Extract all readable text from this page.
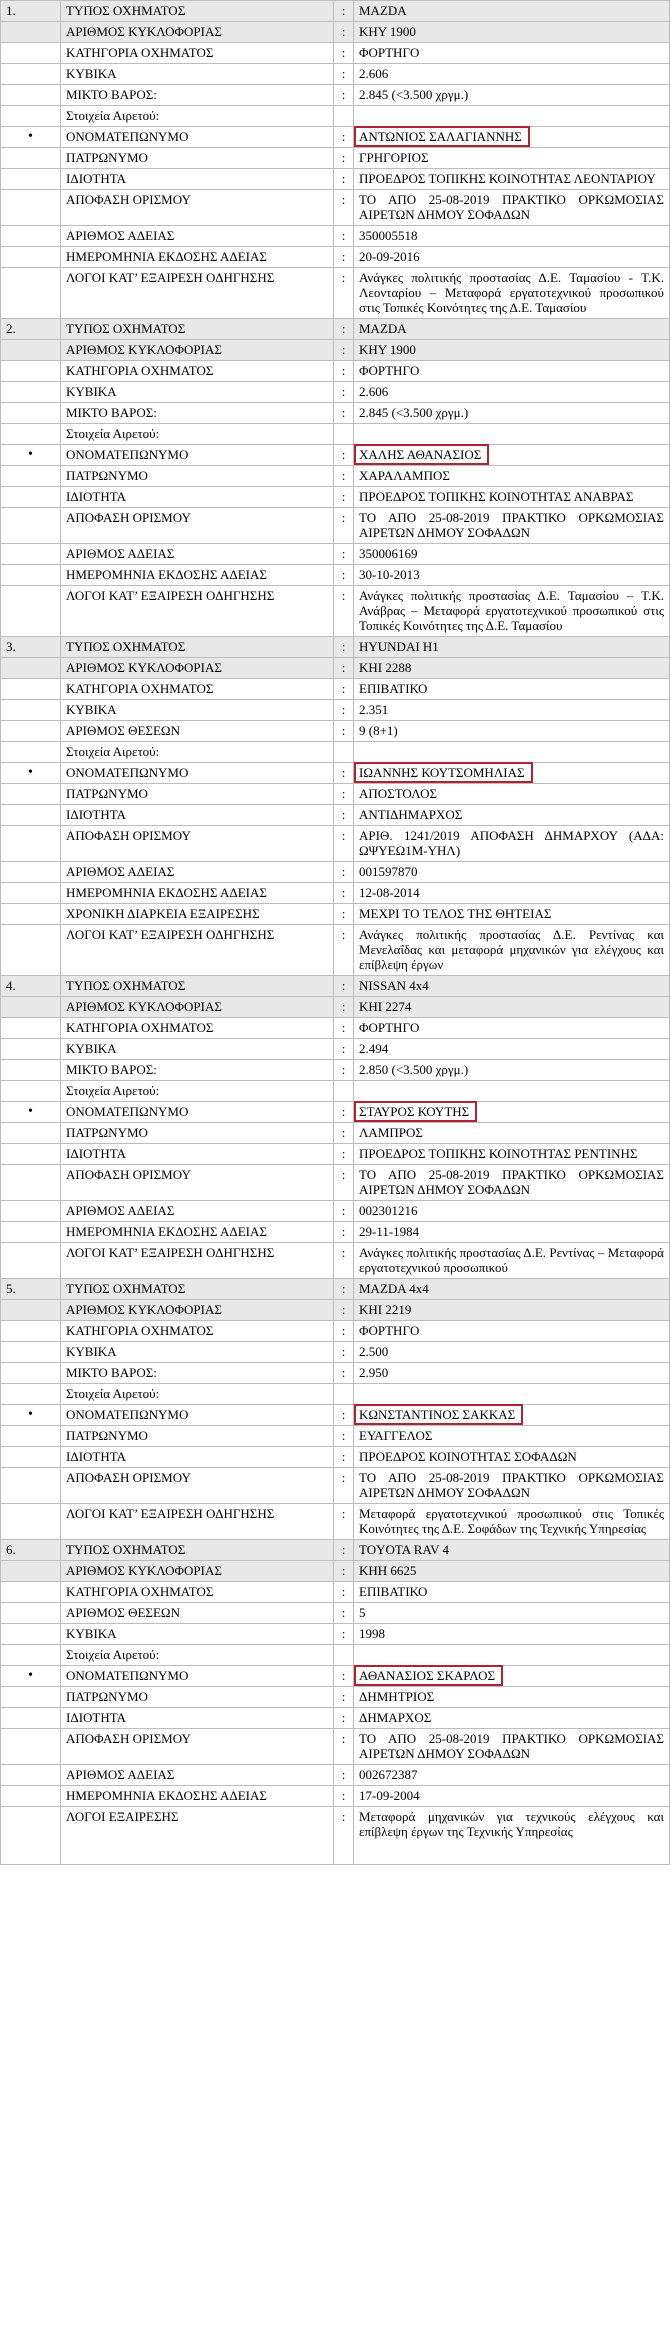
1.	ΤΥΠΟΣ ΟΧΗΜΑΤΟΣ	:	MAZDA
	ΑΡΙΘΜΟΣ ΚΥΚΛΟΦΟΡΙΑΣ	:	KHY 1900
	ΚΑΤΗΓΟΡΙΑ ΟΧΗΜΑΤΟΣ	:	ΦΟΡΤΗΓΟ
	ΚΥΒΙΚΑ	:	2.606
	ΜΙΚΤΟ ΒΑΡΟΣ:	:	2.845 (<3.500 χργμ.)
	Στοιχεία Αιρετού:		
•	ΟΝΟΜΑΤΕΠΩΝΥΜΟ	:	ΑΝΤΩΝΙΟΣ ΣΑΛΑΓΙΑΝΝΗΣ
	ΠΑΤΡΩΝΥΜΟ	:	ΓΡΗΓΟΡΙΟΣ
	ΙΔΙΟΤΗΤΑ	:	ΠΡΟΕΔΡΟΣ ΤΟΠΙΚΗΣ ΚΟΙΝΟΤΗΤΑΣ ΛΕΟΝΤΑΡΙΟΥ
	ΑΠΟΦΑΣΗ ΟΡΙΣΜΟΥ	:	ΤΟ ΑΠΟ 25-08-2019 ΠΡΑΚΤΙΚΟ ΟΡΚΩΜΟΣΙΑΣ ΑΙΡΕΤΩΝ ΔΗΜΟΥ ΣΟΦΑΔΩΝ
	ΑΡΙΘΜΟΣ ΑΔΕΙΑΣ	:	350005518
	ΗΜΕΡΟΜΗΝΙΑ ΕΚΔΟΣΗΣ ΑΔΕΙΑΣ	:	20-09-2016
	ΛΟΓΟΙ ΚΑΤ’ ΕΞΑΙΡΕΣΗ ΟΔΗΓΗΣΗΣ	:	Ανάγκες πολιτικής προστασίας Δ.Ε. Ταμασίου - Τ.Κ. Λεονταρίου – Μεταφορά εργατοτεχνικού προσωπικού στις Τοπικές Κοινότητες της Δ.Ε. Ταμασίου
2.	ΤΥΠΟΣ ΟΧΗΜΑΤΟΣ	:	MAZDA
	ΑΡΙΘΜΟΣ ΚΥΚΛΟΦΟΡΙΑΣ	:	KHY 1900
	ΚΑΤΗΓΟΡΙΑ ΟΧΗΜΑΤΟΣ	:	ΦΟΡΤΗΓΟ
	ΚΥΒΙΚΑ	:	2.606
	ΜΙΚΤΟ ΒΑΡΟΣ:	:	2.845 (<3.500 χργμ.)
	Στοιχεία Αιρετού:		
•	ΟΝΟΜΑΤΕΠΩΝΥΜΟ	:	ΧΑΛΗΣ ΑΘΑΝΑΣΙΟΣ
	ΠΑΤΡΩΝΥΜΟ	:	ΧΑΡΑΛΑΜΠΟΣ
	ΙΔΙΟΤΗΤΑ	:	ΠΡΟΕΔΡΟΣ ΤΟΠΙΚΗΣ ΚΟΙΝΟΤΗΤΑΣ ΑΝΑΒΡΑΣ
	ΑΠΟΦΑΣΗ ΟΡΙΣΜΟΥ	:	ΤΟ ΑΠΟ 25-08-2019 ΠΡΑΚΤΙΚΟ ΟΡΚΩΜΟΣΙΑΣ ΑΙΡΕΤΩΝ ΔΗΜΟΥ ΣΟΦΑΔΩΝ
	ΑΡΙΘΜΟΣ ΑΔΕΙΑΣ	:	350006169
	ΗΜΕΡΟΜΗΝΙΑ ΕΚΔΟΣΗΣ ΑΔΕΙΑΣ	:	30-10-2013
	ΛΟΓΟΙ ΚΑΤ’ ΕΞΑΙΡΕΣΗ ΟΔΗΓΗΣΗΣ	:	Ανάγκες πολιτικής προστασίας Δ.Ε. Ταμασίου – Τ.Κ. Ανάβρας – Μεταφορά εργατοτεχνικού προσωπικού στις Τοπικές Κοινότητες της Δ.Ε. Ταμασίου
3.	ΤΥΠΟΣ ΟΧΗΜΑΤΟΣ	:	HYUNDAI H1
	ΑΡΙΘΜΟΣ ΚΥΚΛΟΦΟΡΙΑΣ	:	KHI 2288
	ΚΑΤΗΓΟΡΙΑ ΟΧΗΜΑΤΟΣ	:	ΕΠΙΒΑΤΙΚΟ
	ΚΥΒΙΚΑ	:	2.351
	ΑΡΙΘΜΟΣ ΘΕΣΕΩΝ	:	9 (8+1)
	Στοιχεία Αιρετού:		
•	ΟΝΟΜΑΤΕΠΩΝΥΜΟ	:	ΙΩΑΝΝΗΣ ΚΟΥΤΣΟΜΗΛΙΑΣ
	ΠΑΤΡΩΝΥΜΟ	:	ΑΠΟΣΤΟΛΟΣ
	ΙΔΙΟΤΗΤΑ	:	ΑΝΤΙΔΗΜΑΡΧΟΣ
	ΑΠΟΦΑΣΗ ΟΡΙΣΜΟΥ	:	ΑΡΙΘ. 1241/2019 ΑΠΟΦΑΣΗ ΔΗΜΑΡΧΟΥ (ΑΔΑ: ΩΨΥΕΩ1Μ-ΥΗΛ)
	ΑΡΙΘΜΟΣ ΑΔΕΙΑΣ	:	001597870
	ΗΜΕΡΟΜΗΝΙΑ ΕΚΔΟΣΗΣ ΑΔΕΙΑΣ	:	12-08-2014
	ΧΡΟΝΙΚΗ ΔΙΑΡΚΕΙΑ ΕΞΑΙΡΕΣΗΣ	:	ΜΕΧΡΙ ΤΟ ΤΕΛΟΣ ΤΗΣ ΘΗΤΕΙΑΣ
	ΛΟΓΟΙ ΚΑΤ’ ΕΞΑΙΡΕΣΗ ΟΔΗΓΗΣΗΣ	:	Ανάγκες πολιτικής προστασίας Δ.Ε. Ρεντίνας και Μενελαΐδας και μεταφορά μηχανικών για ελέγχους και επίβλεψη έργων
4.	ΤΥΠΟΣ ΟΧΗΜΑΤΟΣ	:	NISSAN 4x4
	ΑΡΙΘΜΟΣ ΚΥΚΛΟΦΟΡΙΑΣ	:	KHI 2274
	ΚΑΤΗΓΟΡΙΑ ΟΧΗΜΑΤΟΣ	:	ΦΟΡΤΗΓΟ
	ΚΥΒΙΚΑ	:	2.494
	ΜΙΚΤΟ ΒΑΡΟΣ:	:	2.850 (<3.500 χργμ.)
	Στοιχεία Αιρετού:		
•	ΟΝΟΜΑΤΕΠΩΝΥΜΟ	:	ΣΤΑΥΡΟΣ ΚΟΥΤΗΣ
	ΠΑΤΡΩΝΥΜΟ	:	ΛΑΜΠΡΟΣ
	ΙΔΙΟΤΗΤΑ	:	ΠΡΟΕΔΡΟΣ ΤΟΠΙΚΗΣ ΚΟΙΝΟΤΗΤΑΣ ΡΕΝΤΙΝΗΣ
	ΑΠΟΦΑΣΗ ΟΡΙΣΜΟΥ	:	ΤΟ ΑΠΟ 25-08-2019 ΠΡΑΚΤΙΚΟ ΟΡΚΩΜΟΣΙΑΣ ΑΙΡΕΤΩΝ ΔΗΜΟΥ ΣΟΦΑΔΩΝ
	ΑΡΙΘΜΟΣ ΑΔΕΙΑΣ	:	002301216
	ΗΜΕΡΟΜΗΝΙΑ ΕΚΔΟΣΗΣ ΑΔΕΙΑΣ	:	29-11-1984
	ΛΟΓΟΙ ΚΑΤ’ ΕΞΑΙΡΕΣΗ ΟΔΗΓΗΣΗΣ	:	Ανάγκες πολιτικής προστασίας Δ.Ε. Ρεντίνας – Μεταφορά εργατοτεχνικού προσωπικού
5.	ΤΥΠΟΣ ΟΧΗΜΑΤΟΣ	:	MAZDA 4x4
	ΑΡΙΘΜΟΣ ΚΥΚΛΟΦΟΡΙΑΣ	:	KHI 2219
	ΚΑΤΗΓΟΡΙΑ ΟΧΗΜΑΤΟΣ	:	ΦΟΡΤΗΓΟ
	ΚΥΒΙΚΑ	:	2.500
	ΜΙΚΤΟ ΒΑΡΟΣ:	:	2.950
	Στοιχεία Αιρετού:		
•	ΟΝΟΜΑΤΕΠΩΝΥΜΟ	:	ΚΩΝΣΤΑΝΤΙΝΟΣ ΣΑΚΚΑΣ
	ΠΑΤΡΩΝΥΜΟ	:	ΕΥΑΓΓΕΛΟΣ
	ΙΔΙΟΤΗΤΑ	:	ΠΡΟΕΔΡΟΣ ΚΟΙΝΟΤΗΤΑΣ ΣΟΦΑΔΩΝ
	ΑΠΟΦΑΣΗ ΟΡΙΣΜΟΥ	:	ΤΟ ΑΠΟ 25-08-2019 ΠΡΑΚΤΙΚΟ ΟΡΚΩΜΟΣΙΑΣ ΑΙΡΕΤΩΝ ΔΗΜΟΥ ΣΟΦΑΔΩΝ
	ΛΟΓΟΙ ΚΑΤ’ ΕΞΑΙΡΕΣΗ ΟΔΗΓΗΣΗΣ	:	Μεταφορά εργατοτεχνικού προσωπικού στις Τοπικές Κοινότητες της Δ.Ε. Σοφάδων της Τεχνικής Υπηρεσίας
6.	ΤΥΠΟΣ ΟΧΗΜΑΤΟΣ	:	TOYOTA RAV 4
	ΑΡΙΘΜΟΣ ΚΥΚΛΟΦΟΡΙΑΣ	:	KHH 6625
	ΚΑΤΗΓΟΡΙΑ ΟΧΗΜΑΤΟΣ	:	ΕΠΙΒΑΤΙΚΟ
	ΑΡΙΘΜΟΣ ΘΕΣΕΩΝ	:	5
	ΚΥΒΙΚΑ	:	1998
	Στοιχεία Αιρετού:		
•	ΟΝΟΜΑΤΕΠΩΝΥΜΟ	:	ΑΘΑΝΑΣΙΟΣ ΣΚΑΡΛΟΣ
	ΠΑΤΡΩΝΥΜΟ	:	ΔΗΜΗΤΡΙΟΣ
	ΙΔΙΟΤΗΤΑ	:	ΔΗΜΑΡΧΟΣ
	ΑΠΟΦΑΣΗ ΟΡΙΣΜΟΥ	:	ΤΟ ΑΠΟ 25-08-2019 ΠΡΑΚΤΙΚΟ ΟΡΚΩΜΟΣΙΑΣ ΑΙΡΕΤΩΝ ΔΗΜΟΥ ΣΟΦΑΔΩΝ
	ΑΡΙΘΜΟΣ ΑΔΕΙΑΣ	:	002672387
	ΗΜΕΡΟΜΗΝΙΑ ΕΚΔΟΣΗΣ ΑΔΕΙΑΣ	:	17-09-2004
	ΛΟΓΟΙ ΕΞΑΙΡΕΣΗΣ	:	Μεταφορά μηχανικών για τεχνικούς ελέγχους και επίβλεψη έργων της Τεχνικής Υπηρεσίας
